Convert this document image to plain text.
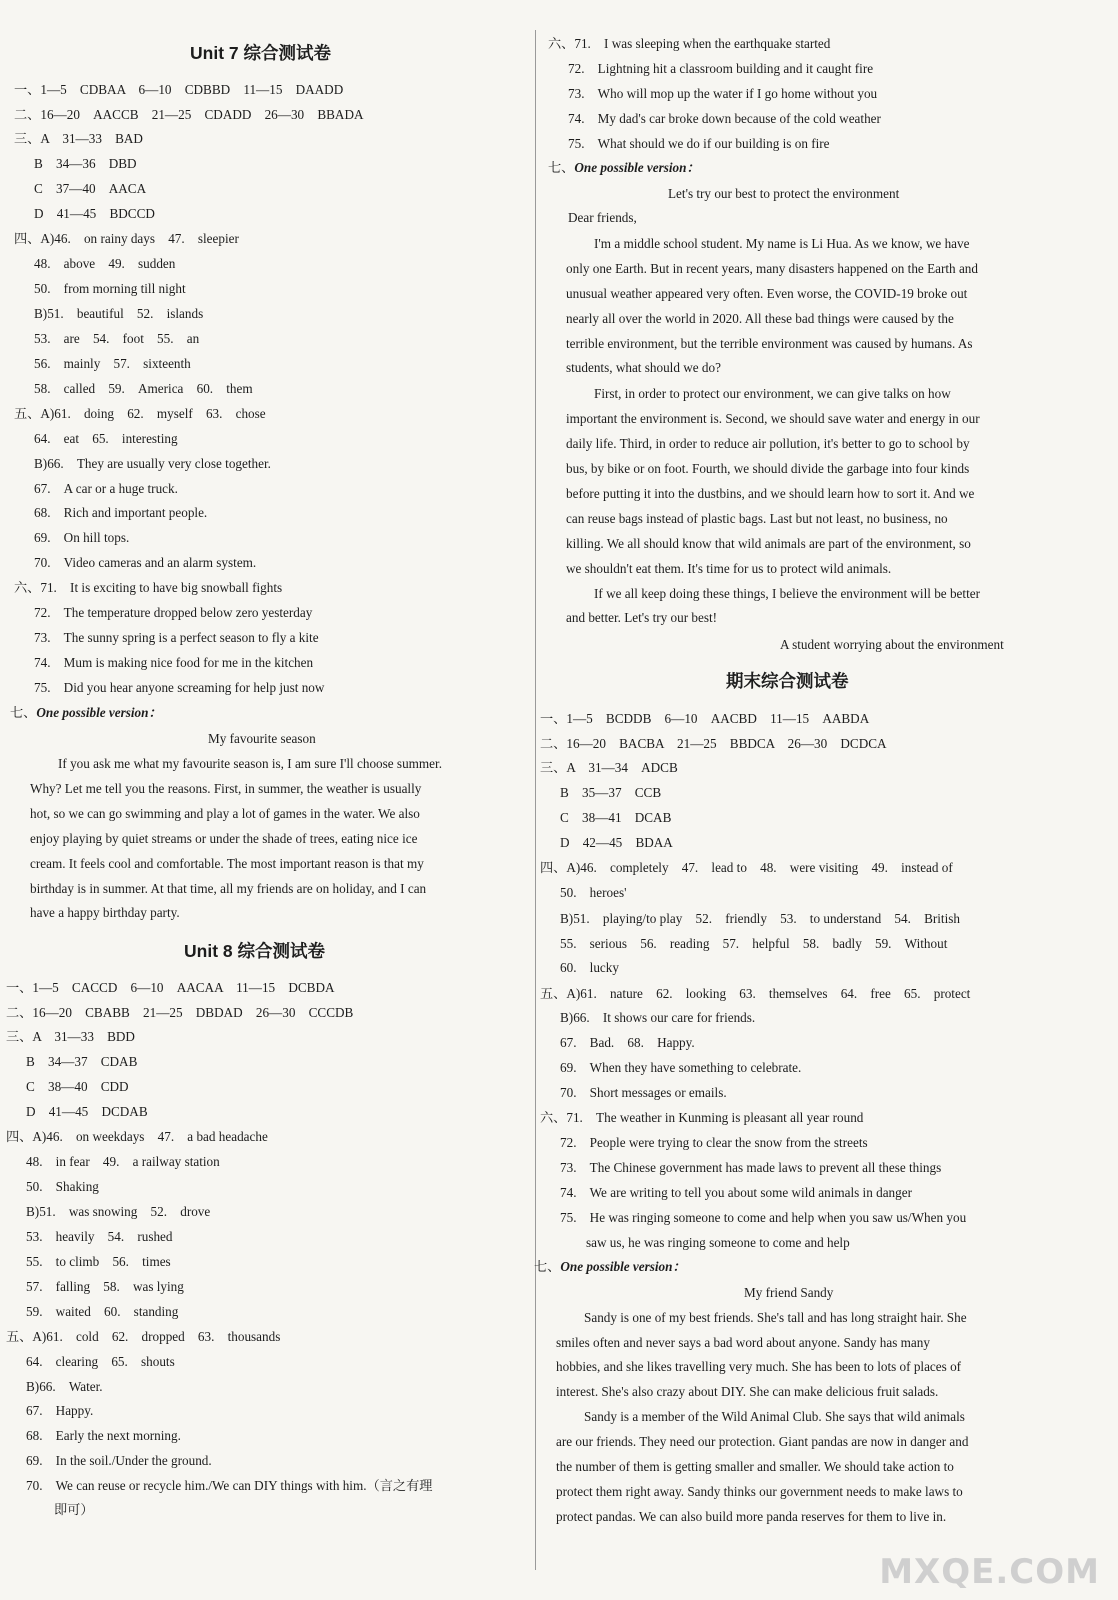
Unit 7 综合测试卷
一、1—5　CDBAA　6—10　CDBBD　11—15　DAADD
二、16—20　AACCB　21—25　CDADD　26—30　BBADA
三、A　31—33　BAD
B　34—36　DBD
C　37—40　AACA
D　41—45　BDCCD
四、A)46.　on rainy days　47.　sleepier
48.　above　49.　sudden
50.　from morning till night
B)51.　beautiful　52.　islands
53.　are　54.　foot　55.　an
56.　mainly　57.　sixteenth
58.　called　59.　America　60.　them
五、A)61.　doing　62.　myself　63.　chose
64.　eat　65.　interesting
B)66.　They are usually very close together.
67.　A car or a huge truck.
68.　Rich and important people.
69.　On hill tops.
70.　Video cameras and an alarm system.
六、71.　It is exciting to have big snowball fights
72.　The temperature dropped below zero yesterday
73.　The sunny spring is a perfect season to fly a kite
74.　Mum is making nice food for me in the kitchen
75.　Did you hear anyone screaming for help just now
七、One possible version：
My favourite season
If you ask me what my favourite season is, I am sure I'll choose summer.
Why? Let me tell you the reasons. First, in summer, the weather is usually
hot, so we can go swimming and play a lot of games in the water. We also
enjoy playing by quiet streams or under the shade of trees, eating nice ice
cream. It feels cool and comfortable. The most important reason is that my
birthday is in summer. At that time, all my friends are on holiday, and I can
have a happy birthday party.
Unit 8 综合测试卷
一、1—5　CACCD　6—10　AACAA　11—15　DCBDA
二、16—20　CBABB　21—25　DBDAD　26—30　CCCDB
三、A　31—33　BDD
B　34—37　CDAB
C　38—40　CDD
D　41—45　DCDAB
四、A)46.　on weekdays　47.　a bad headache
48.　in fear　49.　a railway station
50.　Shaking
B)51.　was snowing　52.　drove
53.　heavily　54.　rushed
55.　to climb　56.　times
57.　falling　58.　was lying
59.　waited　60.　standing
五、A)61.　cold　62.　dropped　63.　thousands
64.　clearing　65.　shouts
B)66.　Water.
67.　Happy.
68.　Early the next morning.
69.　In the soil./Under the ground.
70.　We can reuse or recycle him./We can DIY things with him.（言之有理
即可）
六、71.　I was sleeping when the earthquake started
72.　Lightning hit a classroom building and it caught fire
73.　Who will mop up the water if I go home without you
74.　My dad's car broke down because of the cold weather
75.　What should we do if our building is on fire
七、One possible version：
Let's try our best to protect the environment
Dear friends,
I'm a middle school student. My name is Li Hua. As we know, we have
only one Earth. But in recent years, many disasters happened on the Earth and
unusual weather appeared very often. Even worse, the COVID-19 broke out
nearly all over the world in 2020. All these bad things were caused by the
terrible environment, but the terrible environment was caused by humans. As
students, what should we do?
First, in order to protect our environment, we can give talks on how
important the environment is. Second, we should save water and energy in our
daily life. Third, in order to reduce air pollution, it's better to go to school by
bus, by bike or on foot. Fourth, we should divide the garbage into four kinds
before putting it into the dustbins, and we should learn how to sort it. And we
can reuse bags instead of plastic bags. Last but not least, no business, no
killing. We all should know that wild animals are part of the environment, so
we shouldn't eat them. It's time for us to protect wild animals.
If we all keep doing these things, I believe the environment will be better
and better. Let's try our best!
A student worrying about the environment
期末综合测试卷
一、1—5　BCDDB　6—10　AACBD　11—15　AABDA
二、16—20　BACBA　21—25　BBDCA　26—30　DCDCA
三、A　31—34　ADCB
B　35—37　CCB
C　38—41　DCAB
D　42—45　BDAA
四、A)46.　completely　47.　lead to　48.　were visiting　49.　instead of
50.　heroes'
B)51.　playing/to play　52.　friendly　53.　to understand　54.　British
55.　serious　56.　reading　57.　helpful　58.　badly　59.　Without
60.　lucky
五、A)61.　nature　62.　looking　63.　themselves　64.　free　65.　protect
B)66.　It shows our care for friends.
67.　Bad.　68.　Happy.
69.　When they have something to celebrate.
70.　Short messages or emails.
六、71.　The weather in Kunming is pleasant all year round
72.　People were trying to clear the snow from the streets
73.　The Chinese government has made laws to prevent all these things
74.　We are writing to tell you about some wild animals in danger
75.　He was ringing someone to come and help when you saw us/When you
saw us, he was ringing someone to come and help
七、One possible version：
My friend Sandy
Sandy is one of my best friends. She's tall and has long straight hair. She
smiles often and never says a bad word about anyone. Sandy has many
hobbies, and she likes travelling very much. She has been to lots of places of
interest. She's also crazy about DIY. She can make delicious fruit salads.
Sandy is a member of the Wild Animal Club. She says that wild animals
are our friends. They need our protection. Giant pandas are now in danger and
the number of them is getting smaller and smaller. We should take action to
protect them right away. Sandy thinks our government needs to make laws to
protect pandas. We can also build more panda reserves for them to live in.
MXQE.COM
